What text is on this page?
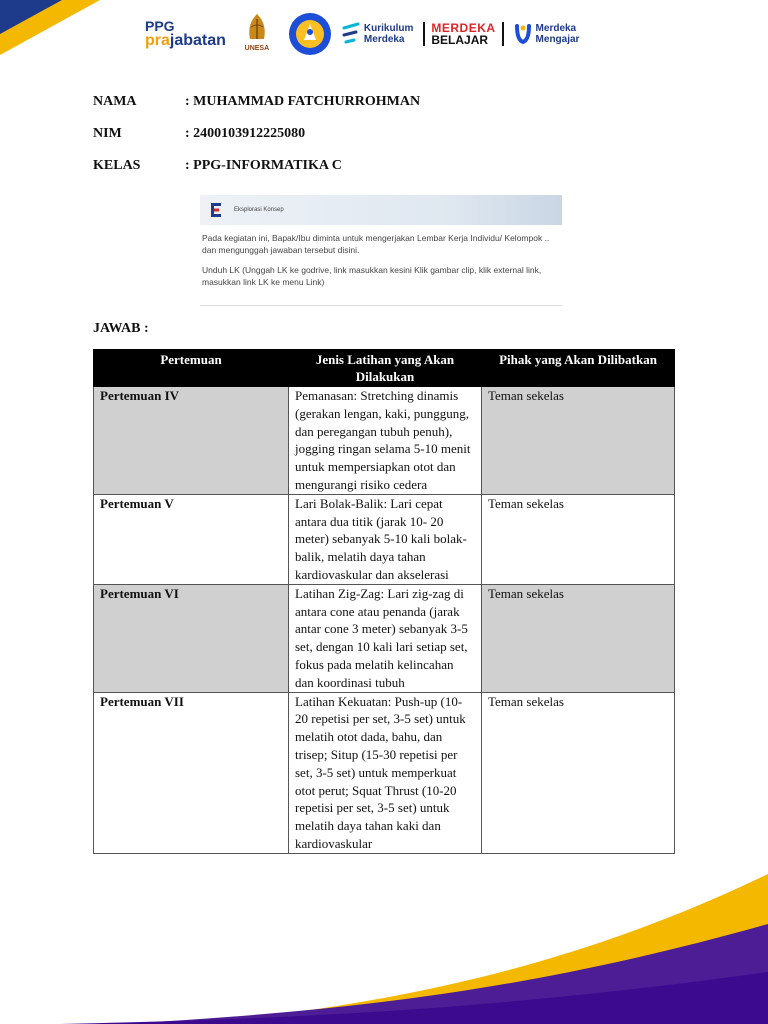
PPG
prajabatan	UNESA
Kurikulum
Merdeka
MERDEKA
BELAJAR
Merdeka
Mengajar
NAMA	: MUHAMMAD FATCHURROHMAN
NIM	: 2400103912225080
KELAS	: PPG-INFORMATIKA C
Eksplorasi Konsep

Pada kegiatan ini, Bapak/Ibu diminta untuk mengerjakan Lembar Kerja Individu/ Kelompok .. dan mengunggah jawaban tersebut disini.

Unduh LK (Unggah LK ke godrive, link masukkan kesini Klik gambar clip, klik external link, masukkan link LK ke menu Link)

JAWAB :
Pertemuan	Jenis Latihan yang Akan Dilakukan	Pihak yang Akan Dilibatkan
Pertemuan IV	Pemanasan: Stretching dinamis (gerakan lengan, kaki, punggung, dan peregangan tubuh penuh), jogging ringan selama 5-10 menit untuk mempersiapkan otot dan mengurangi risiko cedera	Teman sekelas
Pertemuan V	Lari Bolak-Balik: Lari cepat antara dua titik (jarak 10- 20 meter) sebanyak 5-10 kali bolak-balik, melatih daya tahan kardiovaskular dan akselerasi	Teman sekelas
Pertemuan VI	Latihan Zig-Zag: Lari zig-zag di antara cone atau penanda (jarak antar cone 3 meter) sebanyak 3-5 set, dengan 10 kali lari setiap set, fokus pada melatih kelincahan dan koordinasi tubuh	Teman sekelas
Pertemuan VII	Latihan Kekuatan: Push-up (10-20 repetisi per set, 3-5 set) untuk melatih otot dada, bahu, dan trisep; Situp (15-30 repetisi per set, 3-5 set) untuk memperkuat otot perut; Squat Thrust (10-20 repetisi per set, 3-5 set) untuk melatih daya tahan kaki dan kardiovaskular	Teman sekelas
